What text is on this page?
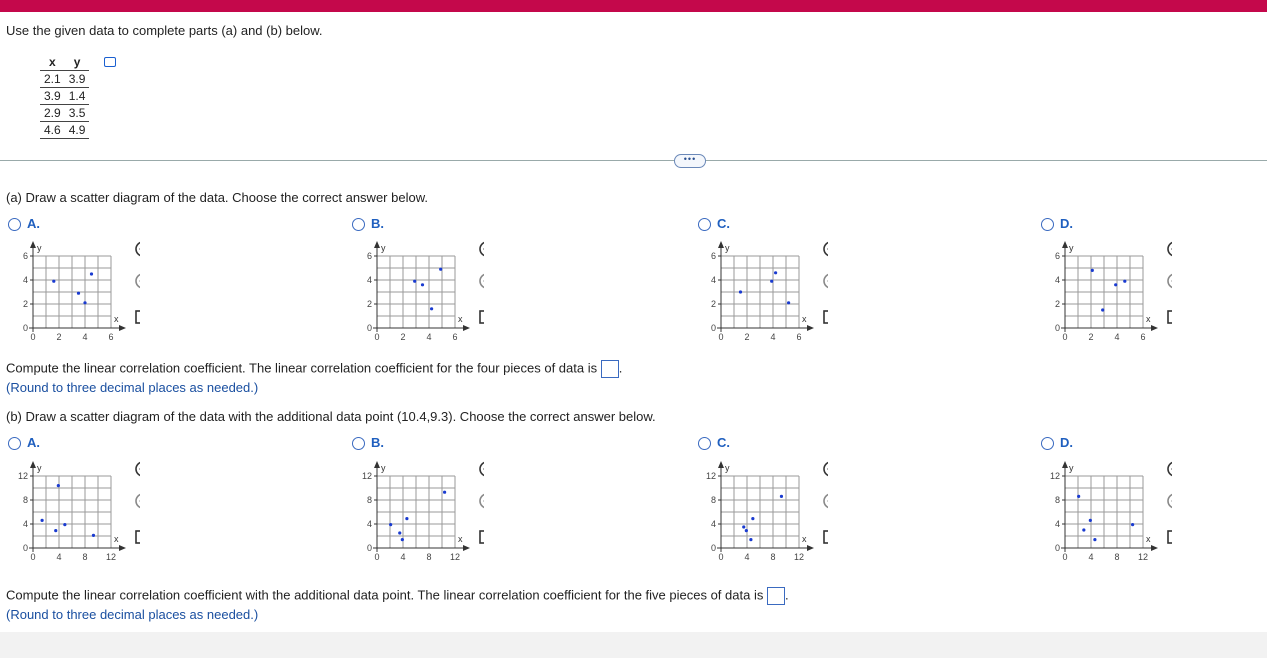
Use the given data to complete parts (a) and (b) below.
x	y
2.1	3.9
3.9	1.4
2.9	3.5
4.6	4.9
•••
(a) Draw a scatter diagram of the data. Choose the correct answer below.
A.	B.	C.	D.
y
x
0 2 4 6
0
2
4
6
y
x
0 2 4 6
0
2
4
6
y
x
0 2 4 6
0
2
4
6
y
x
0 2 4 6
0
2
4
6
Compute the linear correlation coefficient. The linear correlation coefficient for the four pieces of data is .
(Round to three decimal places as needed.)
(b) Draw a scatter diagram of the data with the additional data point (10.4,9.3). Choose the correct answer below.
A.	B.	C.	D.
y
x
0 4 8 12
0
4
8
12
y
x
0 4 8 12
0
4
8
12
y
x
0 4 8 12
0
4
8
12
y
x
0 4 8 12
0
4
8
12
Compute the linear correlation coefficient with the additional data point. The linear correlation coefficient for the five pieces of data is .
(Round to three decimal places as needed.)
